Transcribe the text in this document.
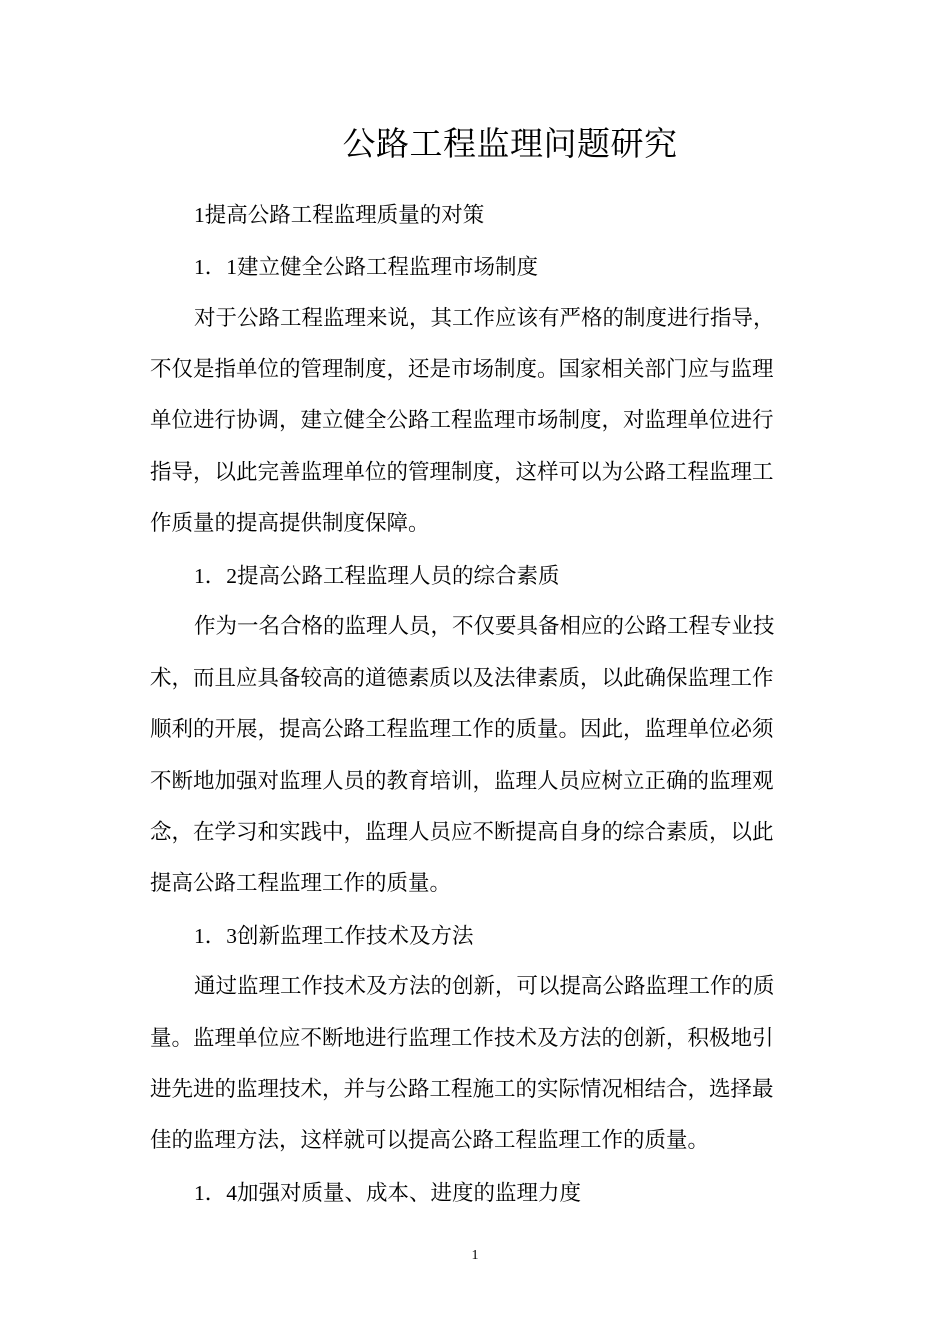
公路工程监理问题研究
1提高公路工程监理质量的对策
1．1建立健全公路工程监理市场制度
对于公路工程监理来说，其工作应该有严格的制度进行指导，
不仅是指单位的管理制度，还是市场制度。国家相关部门应与监理
单位进行协调，建立健全公路工程监理市场制度，对监理单位进行
指导，以此完善监理单位的管理制度，这样可以为公路工程监理工
作质量的提高提供制度保障。
1．2提高公路工程监理人员的综合素质
作为一名合格的监理人员，不仅要具备相应的公路工程专业技
术，而且应具备较高的道德素质以及法律素质，以此确保监理工作
顺利的开展，提高公路工程监理工作的质量。因此，监理单位必须
不断地加强对监理人员的教育培训，监理人员应树立正确的监理观
念，在学习和实践中，监理人员应不断提高自身的综合素质，以此
提高公路工程监理工作的质量。
1．3创新监理工作技术及方法
通过监理工作技术及方法的创新，可以提高公路监理工作的质
量。监理单位应不断地进行监理工作技术及方法的创新，积极地引
进先进的监理技术，并与公路工程施工的实际情况相结合，选择最
佳的监理方法，这样就可以提高公路工程监理工作的质量。
1．4加强对质量、成本、进度的监理力度
1
